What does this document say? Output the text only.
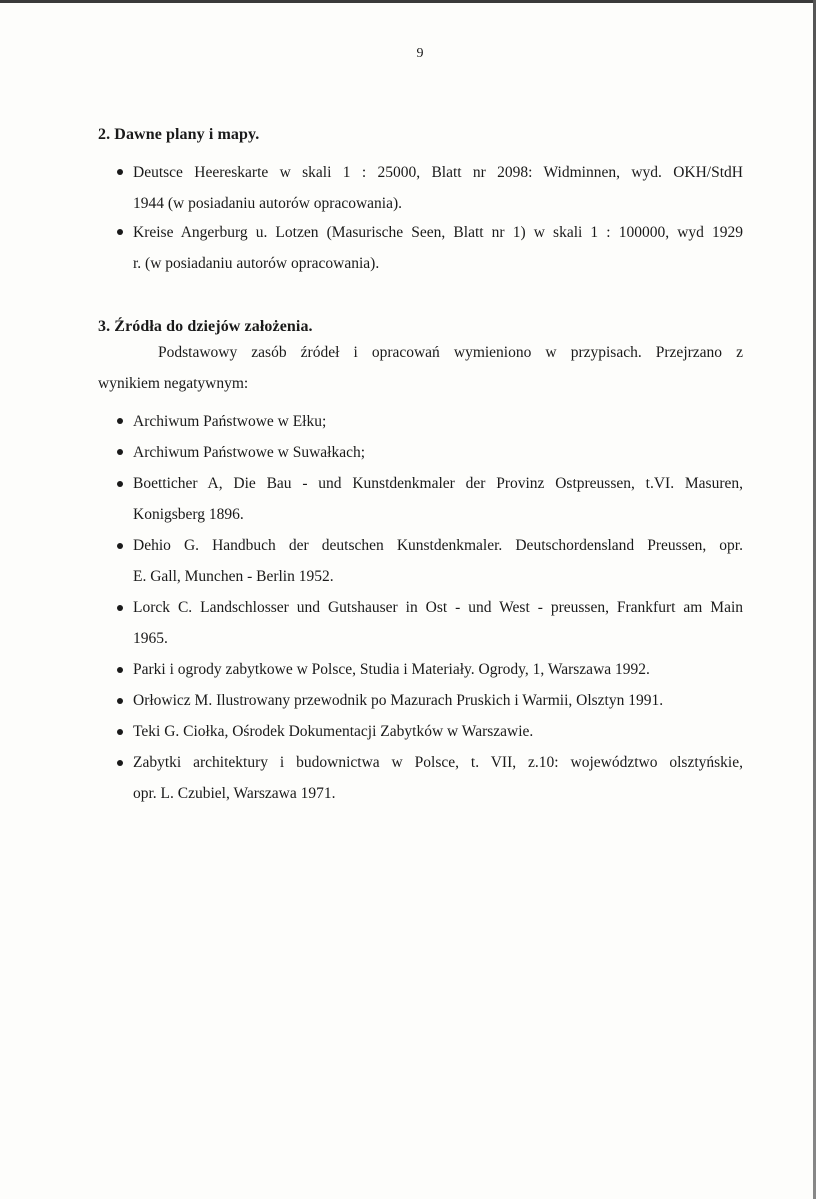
9
2. Dawne plany i mapy.
Deutsce Heereskarte w skali 1 : 25000, Blatt nr 2098: Widminnen, wyd. OKH/StdH
1944 (w posiadaniu autorów opracowania).
Kreise Angerburg u. Lotzen (Masurische Seen, Blatt nr 1) w skali 1 : 100000, wyd 1929
r. (w posiadaniu autorów opracowania).
3. Źródła do dziejów założenia.
Podstawowy zasób źródeł i opracowań wymieniono w przypisach. Przejrzano z
wynikiem negatywnym:
Archiwum Państwowe w Ełku;
Archiwum Państwowe w Suwałkach;
Boetticher A, Die Bau - und Kunstdenkmaler der Provinz Ostpreussen, t.VI. Masuren,
Konigsberg 1896.
Dehio G. Handbuch der deutschen Kunstdenkmaler. Deutschordensland Preussen, opr.
E. Gall, Munchen - Berlin 1952.
Lorck C. Landschlosser und Gutshauser in Ost - und West - preussen, Frankfurt am Main
1965.
Parki i ogrody zabytkowe w Polsce, Studia i Materiały. Ogrody, 1, Warszawa 1992.
Orłowicz M. Ilustrowany przewodnik po Mazurach Pruskich i Warmii, Olsztyn 1991.
Teki G. Ciołka, Ośrodek Dokumentacji Zabytków w Warszawie.
Zabytki architektury i budownictwa w Polsce, t. VII, z.10: województwo olsztyńskie,
opr. L. Czubiel, Warszawa 1971.
